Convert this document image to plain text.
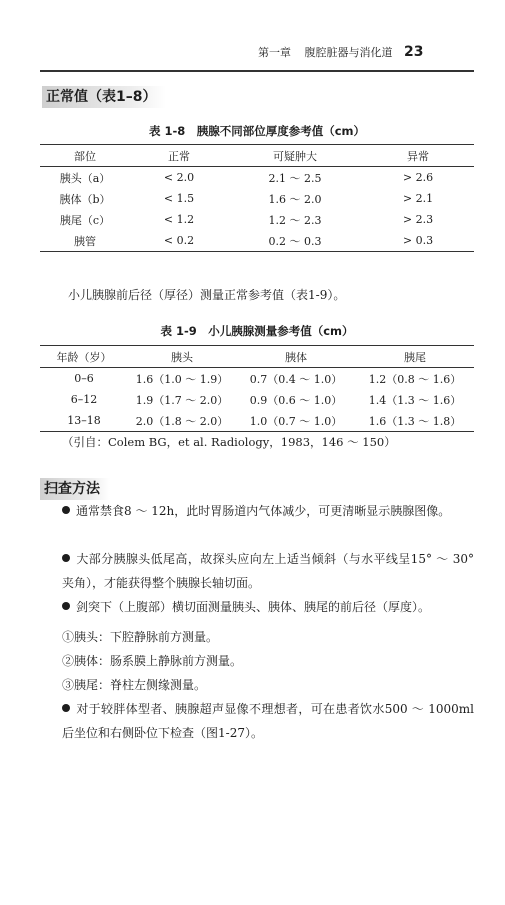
第一章 腹腔脏器与消化道 23
正常值（表1–8）
表 1-8　胰腺不同部位厚度参考值（cm）
部位	正常	可疑肿大	异常
胰头（a）	< 2.0	2.1 ～ 2.5	> 2.6
胰体（b）	< 1.5	1.6 ～ 2.0	> 2.1
胰尾（c）	< 1.2	1.2 ～ 2.3	> 2.3
胰管	< 0.2	0.2 ～ 0.3	> 0.3
小儿胰腺前后径（厚径）测量正常参考值（表1-9）。
表 1-9　小儿胰腺测量参考值（cm）
年龄（岁）	胰头	胰体	胰尾
0–6	1.6（1.0 ～ 1.9）	0.7（0.4 ～ 1.0）	1.2（0.8 ～ 1.6）
6–12	1.9（1.7 ～ 2.0）	0.9（0.6 ～ 1.0）	1.4（1.3 ～ 1.6）
13–18	2.0（1.8 ～ 2.0）	1.0（0.7 ～ 1.0）	1.6（1.3 ～ 1.8）
（引自：Colem BG，et al. Radiology，1983，146 ～ 150）
扫查方法
通常禁食8 ～ 12h，此时胃肠道内气体减少，可更清晰显示胰腺图像。
大部分胰腺头低尾高，故探头应向左上适当倾斜（与水平线呈15° ～ 30°夹角），才能获得整个胰腺长轴切面。
剑突下（上腹部）横切面测量胰头、胰体、胰尾的前后径（厚度）。
①胰头：下腔静脉前方测量。
②胰体：肠系膜上静脉前方测量。
③胰尾：脊柱左侧缘测量。
对于较胖体型者、胰腺超声显像不理想者，可在患者饮水500 ～ 1000ml后坐位和右侧卧位下检查（图1-27）。
